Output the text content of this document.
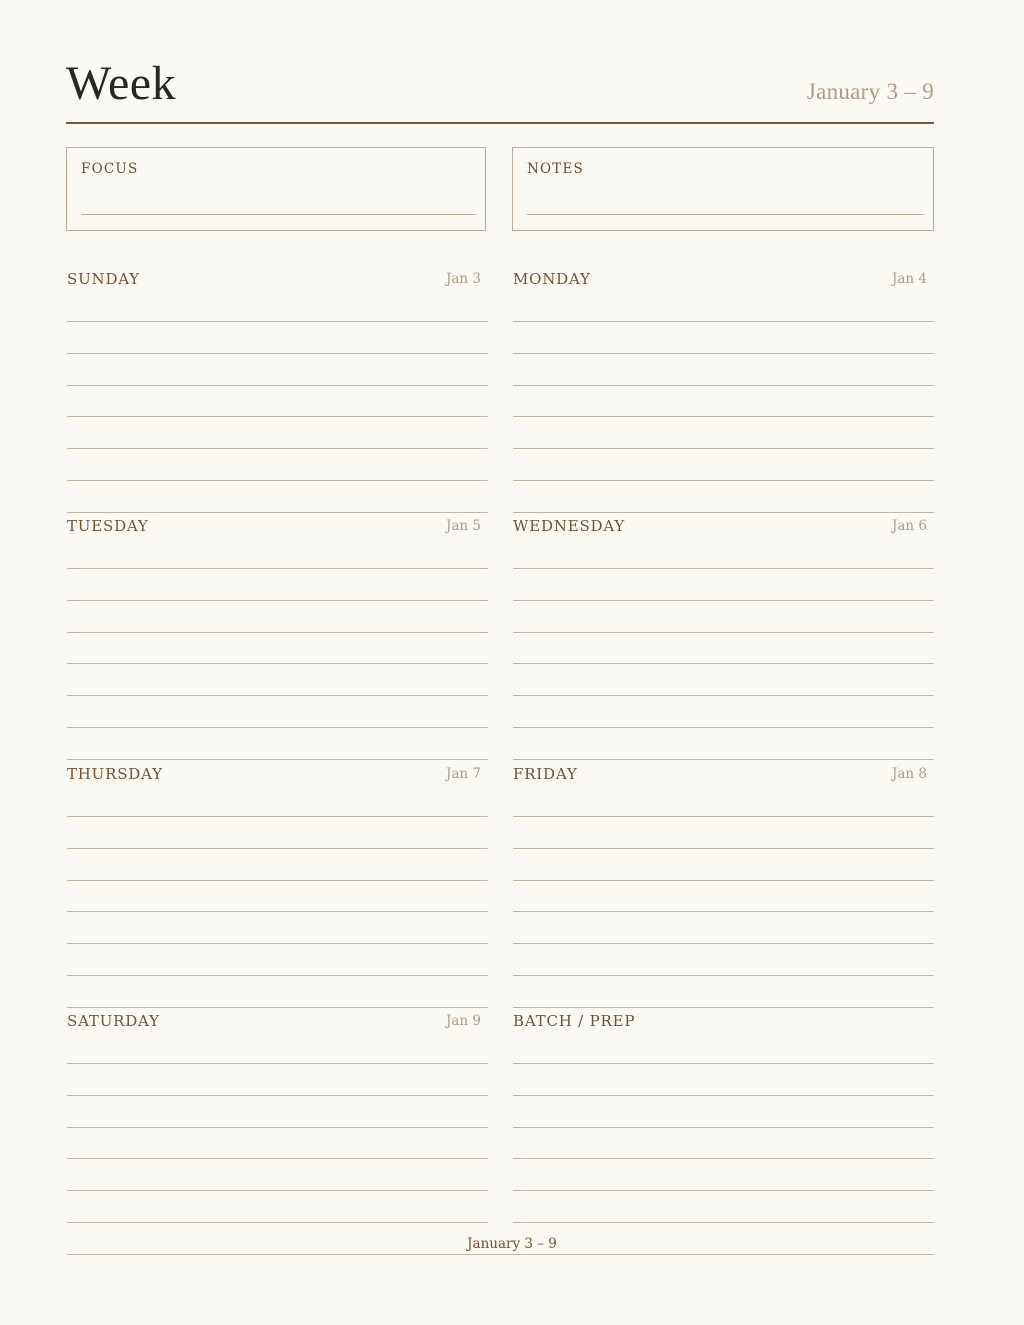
Week	January 3 – 9
FOCUS	NOTES
SUNDAY	Jan 3 MONDAY	Jan 4
TUESDAY	Jan 5 WEDNESDAY	Jan 6
THURSDAY	Jan 7 FRIDAY	Jan 8
SATURDAY	Jan 9 BATCH / PREP
January 3 – 9
